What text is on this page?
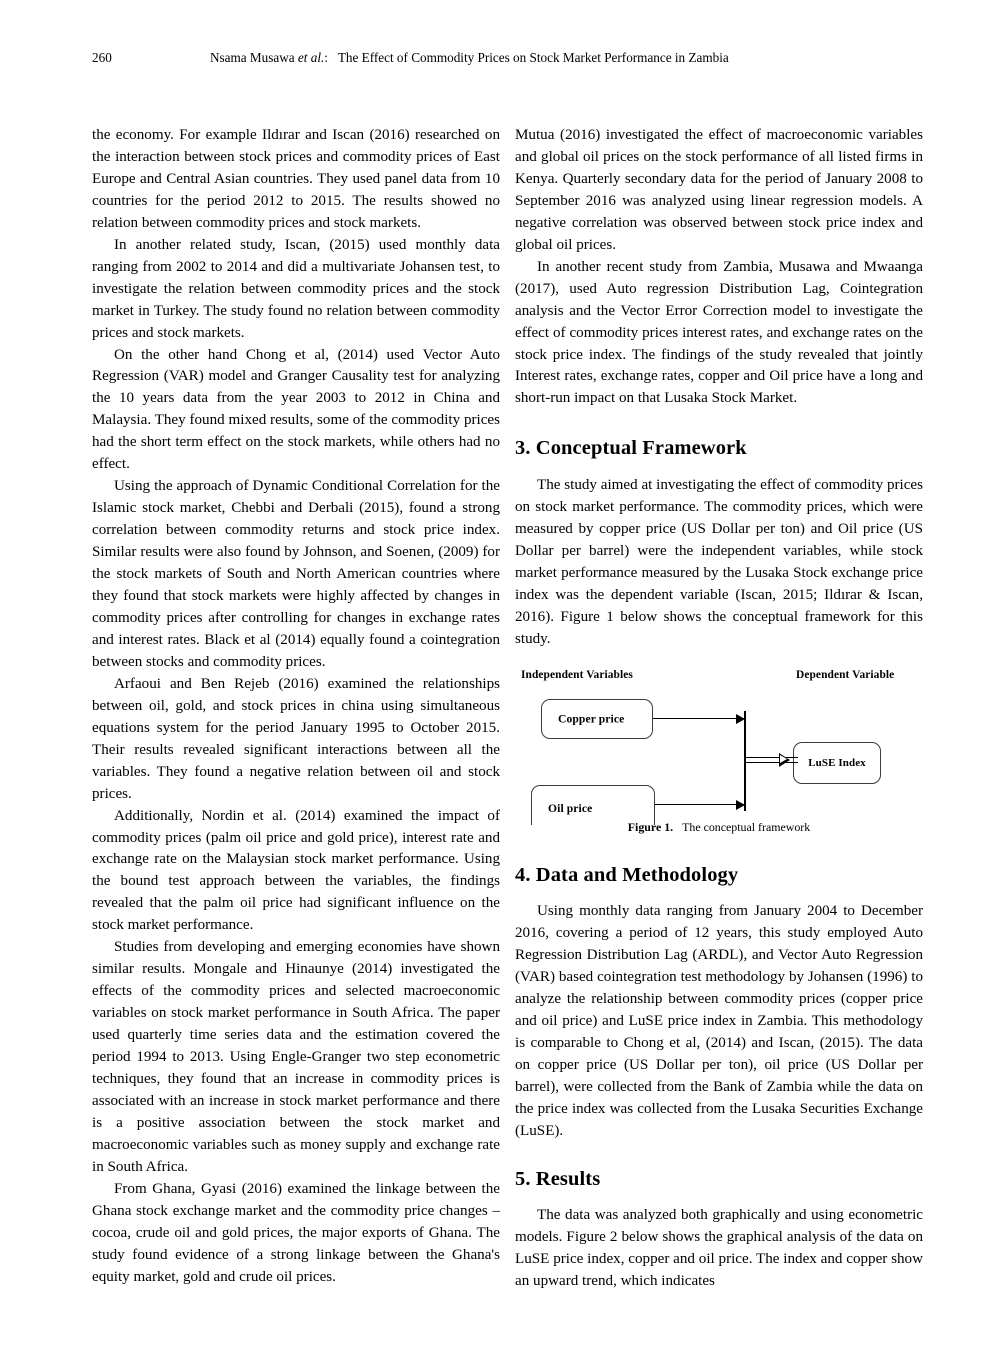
260	Nsama Musawa et al.: The Effect of Commodity Prices on Stock Market Performance in Zambia

the economy. For example Ildırar and Iscan (2016) researched on the interaction between stock prices and commodity prices of East Europe and Central Asian countries. They used panel data from 10 countries for the period 2012 to 2015. The results showed no relation between commodity prices and stock markets.

In another related study, Iscan, (2015) used monthly data ranging from 2002 to 2014 and did a multivariate Johansen test, to investigate the relation between commodity prices and the stock market in Turkey. The study found no relation between commodity prices and stock markets.

On the other hand Chong et al, (2014) used Vector Auto Regression (VAR) model and Granger Causality test for analyzing the 10 years data from the year 2003 to 2012 in China and Malaysia. They found mixed results, some of the commodity prices had the short term effect on the stock markets, while others had no effect.

Using the approach of Dynamic Conditional Correlation for the Islamic stock market, Chebbi and Derbali (2015), found a strong correlation between commodity returns and stock price index. Similar results were also found by Johnson, and Soenen, (2009) for the stock markets of South and North American countries where they found that stock markets were highly affected by changes in commodity prices after controlling for changes in exchange rates and interest rates. Black et al (2014) equally found a cointegration between stocks and commodity prices.

Arfaoui and Ben Rejeb (2016) examined the relationships between oil, gold, and stock prices in china using simultaneous equations system for the period January 1995 to October 2015. Their results revealed significant interactions between all the variables. They found a negative relation between oil and stock prices.

Additionally, Nordin et al. (2014) examined the impact of commodity prices (palm oil price and gold price), interest rate and exchange rate on the Malaysian stock market performance. Using the bound test approach between the variables, the findings revealed that the palm oil price had significant influence on the stock market performance.

Studies from developing and emerging economies have shown similar results. Mongale and Hinaunye (2014) investigated the effects of the commodity prices and selected macroeconomic variables on stock market performance in South Africa. The paper used quarterly time series data and the estimation covered the period 1994 to 2013. Using Engle-Granger two step econometric techniques, they found that an increase in commodity prices is associated with an increase in stock market performance and there is a positive association between the stock market and macroeconomic variables such as money supply and exchange rate in South Africa.

From Ghana, Gyasi (2016) examined the linkage between the Ghana stock exchange market and the commodity price changes – cocoa, crude oil and gold prices, the major exports of Ghana. The study found evidence of a strong linkage between the Ghana's equity market, gold and crude oil prices.

Mutua (2016) investigated the effect of macroeconomic variables and global oil prices on the stock performance of all listed firms in Kenya. Quarterly secondary data for the period of January 2008 to September 2016 was analyzed using linear regression models. A negative correlation was observed between stock price index and global oil prices.

In another recent study from Zambia, Musawa and Mwaanga (2017), used Auto regression Distribution Lag, Cointegration analysis and the Vector Error Correction model to investigate the effect of commodity prices interest rates, and exchange rates on the stock price index. The findings of the study revealed that jointly Interest rates, exchange rates, copper and Oil price have a long and short-run impact on that Lusaka Stock Market.

3. Conceptual Framework

The study aimed at investigating the effect of commodity prices on stock market performance. The commodity prices, which were measured by copper price (US Dollar per ton) and Oil price (US Dollar per barrel) were the independent variables, while stock market performance measured by the Lusaka Stock exchange price index was the dependent variable (Iscan, 2015; Ildırar & Iscan, 2016). Figure 1 below shows the conceptual framework for this study.

Independent Variables	Dependent Variable
Copper price
Oil price
LuSE Index
Figure 1. The conceptual framework
4. Data and Methodology

Using monthly data ranging from January 2004 to December 2016, covering a period of 12 years, this study employed Auto Regression Distribution Lag (ARDL), and Vector Auto Regression (VAR) based cointegration test methodology by Johansen (1996) to analyze the relationship between commodity prices (copper price and oil price) and LuSE price index in Zambia. This methodology is comparable to Chong et al, (2014) and Iscan, (2015). The data on copper price (US Dollar per ton), oil price (US Dollar per barrel), were collected from the Bank of Zambia while the data on the price index was collected from the Lusaka Securities Exchange (LuSE).

5. Results

The data was analyzed both graphically and using econometric models. Figure 2 below shows the graphical analysis of the data on LuSE price index, copper and oil price. The index and copper show an upward trend, which indicates
